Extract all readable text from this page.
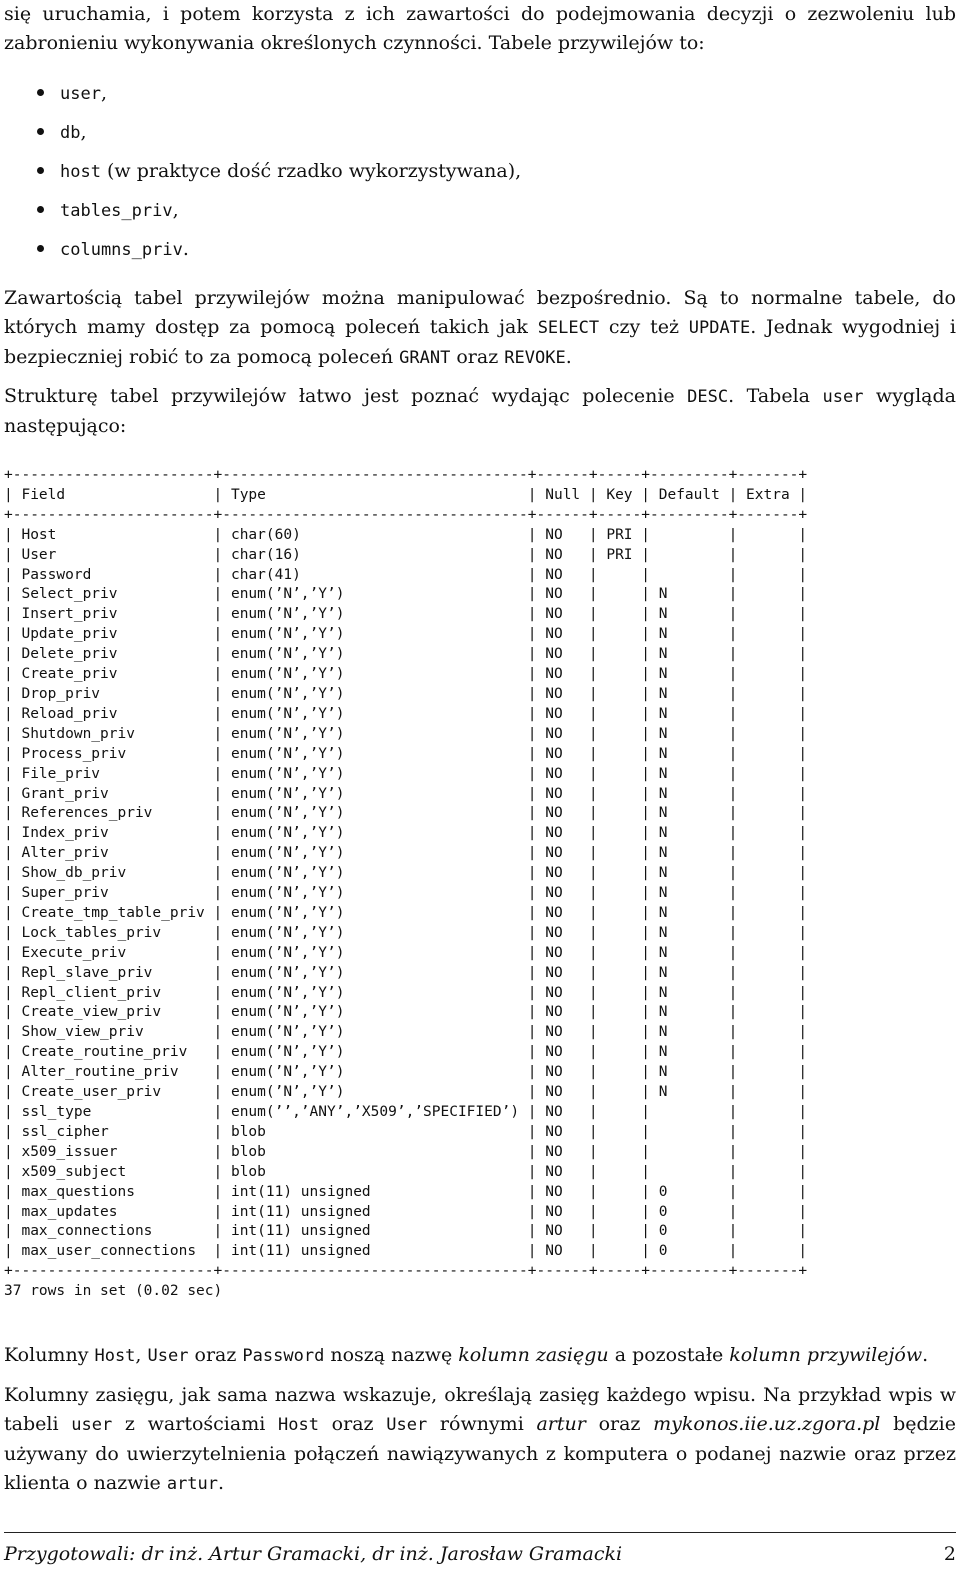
się uruchamia, i potem korzysta z ich zawartości do podejmowania decyzji o zezwoleniu lub zabronieniu wykonywania określonych czynności. Tabele przywilejów to:

user,
db,
host (w praktyce dość rzadko wykorzystywana),
tables_priv,
columns_priv.

Zawartością tabel przywilejów można manipulować bezpośrednio. Są to normalne tabele, do których mamy dostęp za pomocą poleceń takich jak SELECT czy też UPDATE. Jednak wygodniej i bezpieczniej robić to za pomocą poleceń GRANT oraz REVOKE.

Strukturę tabel przywilejów łatwo jest poznać wydając polecenie DESC. Tabela user wygląda następująco:

+-----------------------+-----------------------------------+------+-----+---------+-------+
| Field                 | Type                              | Null | Key | Default | Extra |
+-----------------------+-----------------------------------+------+-----+---------+-------+
| Host                  | char(60)                          | NO   | PRI |         |       |
| User                  | char(16)                          | NO   | PRI |         |       |
| Password              | char(41)                          | NO   |     |         |       |
| Select_priv           | enum(’N’,’Y’)                     | NO   |     | N       |       |
| Insert_priv           | enum(’N’,’Y’)                     | NO   |     | N       |       |
| Update_priv           | enum(’N’,’Y’)                     | NO   |     | N       |       |
| Delete_priv           | enum(’N’,’Y’)                     | NO   |     | N       |       |
| Create_priv           | enum(’N’,’Y’)                     | NO   |     | N       |       |
| Drop_priv             | enum(’N’,’Y’)                     | NO   |     | N       |       |
| Reload_priv           | enum(’N’,’Y’)                     | NO   |     | N       |       |
| Shutdown_priv         | enum(’N’,’Y’)                     | NO   |     | N       |       |
| Process_priv          | enum(’N’,’Y’)                     | NO   |     | N       |       |
| File_priv             | enum(’N’,’Y’)                     | NO   |     | N       |       |
| Grant_priv            | enum(’N’,’Y’)                     | NO   |     | N       |       |
| References_priv       | enum(’N’,’Y’)                     | NO   |     | N       |       |
| Index_priv            | enum(’N’,’Y’)                     | NO   |     | N       |       |
| Alter_priv            | enum(’N’,’Y’)                     | NO   |     | N       |       |
| Show_db_priv          | enum(’N’,’Y’)                     | NO   |     | N       |       |
| Super_priv            | enum(’N’,’Y’)                     | NO   |     | N       |       |
| Create_tmp_table_priv | enum(’N’,’Y’)                     | NO   |     | N       |       |
| Lock_tables_priv      | enum(’N’,’Y’)                     | NO   |     | N       |       |
| Execute_priv          | enum(’N’,’Y’)                     | NO   |     | N       |       |
| Repl_slave_priv       | enum(’N’,’Y’)                     | NO   |     | N       |       |
| Repl_client_priv      | enum(’N’,’Y’)                     | NO   |     | N       |       |
| Create_view_priv      | enum(’N’,’Y’)                     | NO   |     | N       |       |
| Show_view_priv        | enum(’N’,’Y’)                     | NO   |     | N       |       |
| Create_routine_priv   | enum(’N’,’Y’)                     | NO   |     | N       |       |
| Alter_routine_priv    | enum(’N’,’Y’)                     | NO   |     | N       |       |
| Create_user_priv      | enum(’N’,’Y’)                     | NO   |     | N       |       |
| ssl_type              | enum(’’,’ANY’,’X509’,’SPECIFIED’) | NO   |     |         |       |
| ssl_cipher            | blob                              | NO   |     |         |       |
| x509_issuer           | blob                              | NO   |     |         |       |
| x509_subject          | blob                              | NO   |     |         |       |
| max_questions         | int(11) unsigned                  | NO   |     | 0       |       |
| max_updates           | int(11) unsigned                  | NO   |     | 0       |       |
| max_connections       | int(11) unsigned                  | NO   |     | 0       |       |
| max_user_connections  | int(11) unsigned                  | NO   |     | 0       |       |
+-----------------------+-----------------------------------+------+-----+---------+-------+
37 rows in set (0.02 sec)

Kolumny Host, User oraz Password noszą nazwę kolumn zasięgu a pozostałe kolumn przywilejów.

Kolumny zasięgu, jak sama nazwa wskazuje, określają zasięg każdego wpisu. Na przykład wpis w tabeli user z wartościami Host oraz User równymi artur oraz mykonos.iie.uz.zgora.pl będzie używany do uwierzytelnienia połączeń nawiązywanych z komputera o podanej nazwie oraz przez klienta o nazwie artur.

Przygotowali: dr inż. Artur Gramacki, dr inż. Jarosław Gramacki	2
